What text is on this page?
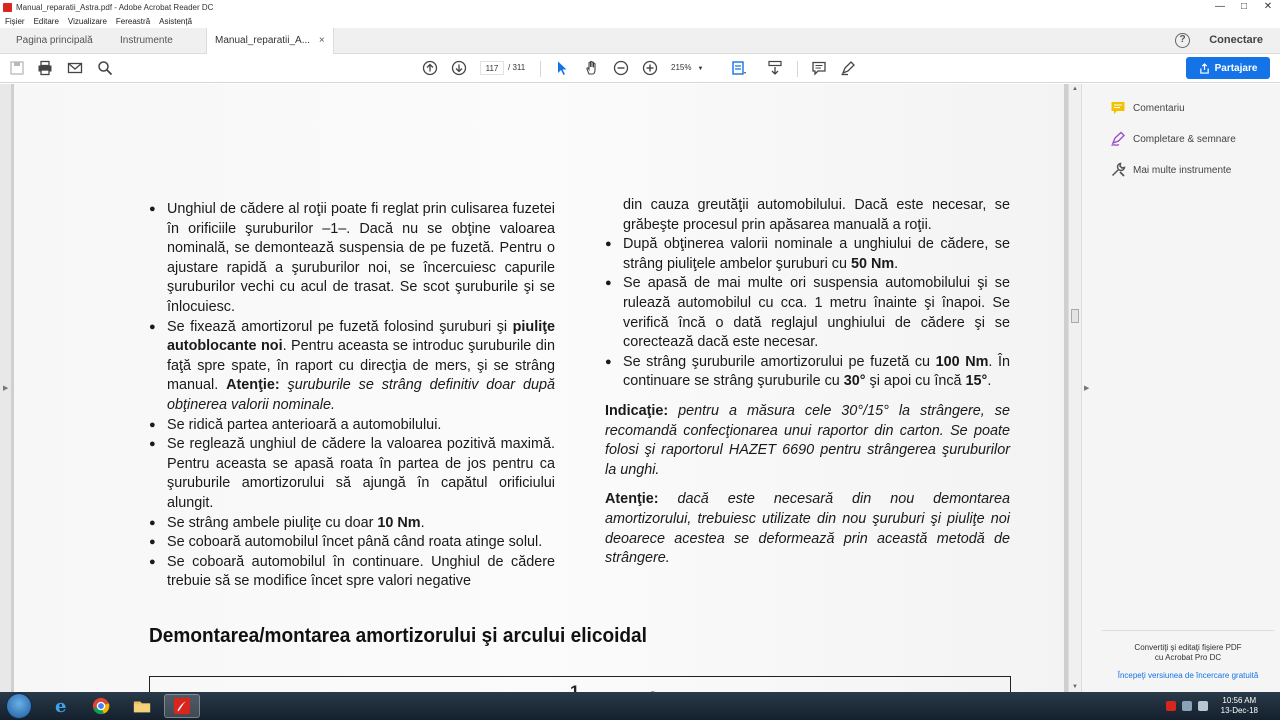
Manual_reparatii_Astra.pdf - Adobe Acrobat Reader DC	— □ ✕
Fișier Editare Vizualizare Fereastră Asistență
Pagina principală	Instrumente	Manual_reparatii_A... ×	?	Conectare
117	/ 311	215% ▼	Partajare
▶
● Unghiul de cădere al roţii poate fi reglat prin culisarea fuzetei în orificiile şuruburilor –1–. Dacă nu se obţine valoarea nominală, se demontează suspensia de pe fuzetă. Pentru o ajustare rapidă a şuruburilor noi, se încercuiesc capurile şuruburilor vechi cu acul de trasat. Se scot şuruburile şi se înlocuiesc.
● Se fixează amortizorul pe fuzetă folosind şuruburi şi piuliţe autoblocante noi. Pentru aceasta se introduc şuruburile din faţă spre spate, în raport cu direcţia de mers, şi se strâng manual. Atenţie: şuruburile se strâng definitiv doar după obţinerea valorii nominale.
● Se ridică partea anterioară a automobilului.
● Se reglează unghiul de cădere la valoarea pozitivă maximă. Pentru aceasta se apasă roata în partea de jos pentru ca şuruburile amortizorului să ajungă în capătul orificiului alungit.
● Se strâng ambele piuliţe cu doar 10 Nm.
● Se coboară automobilul încet până când roata atinge solul.
● Se coboară automobilul în continuare. Unghiul de cădere trebuie să se modifice încet spre valori negative
din cauza greutăţii automobilului. Dacă este necesar, se grăbeşte procesul prin apăsarea manuală a roţii.
● După obţinerea valorii nominale a unghiului de cădere, se strâng piuliţele ambelor şuruburi cu 50 Nm.
● Se apasă de mai multe ori suspensia automobilului şi se rulează automobilul cu cca. 1 metru înainte şi înapoi. Se verifică încă o dată reglajul unghiului de cădere şi se corectează dacă este necesar.
● Se strâng şuruburile amortizorului pe fuzetă cu 100 Nm. În continuare se strâng şuruburile cu 30° şi apoi cu încă 15°.
Indicaţie: pentru a măsura cele 30°/15° la strângere, se recomandă confecţionarea unui raportor din carton. Se poate folosi şi raportorul HAZET 6690 pentru strângerea şuruburilor la unghi.
Atenţie: dacă este necesară din nou demontarea amortizorului, trebuiesc utilizate din nou şuruburi şi piuliţe noi deoarece acestea se deformează prin această metodă de strângere.
Demontarea/montarea amortizorului şi arcului elicoidal
▲
▼
▶
Comentariu
Completare & semnare
Mai multe instrumente
Convertiţi şi editaţi fişiere PDF
cu Acrobat Pro DC
Începeţi versiunea de încercare gratuită
e	10:56 AM
13-Dec-18
